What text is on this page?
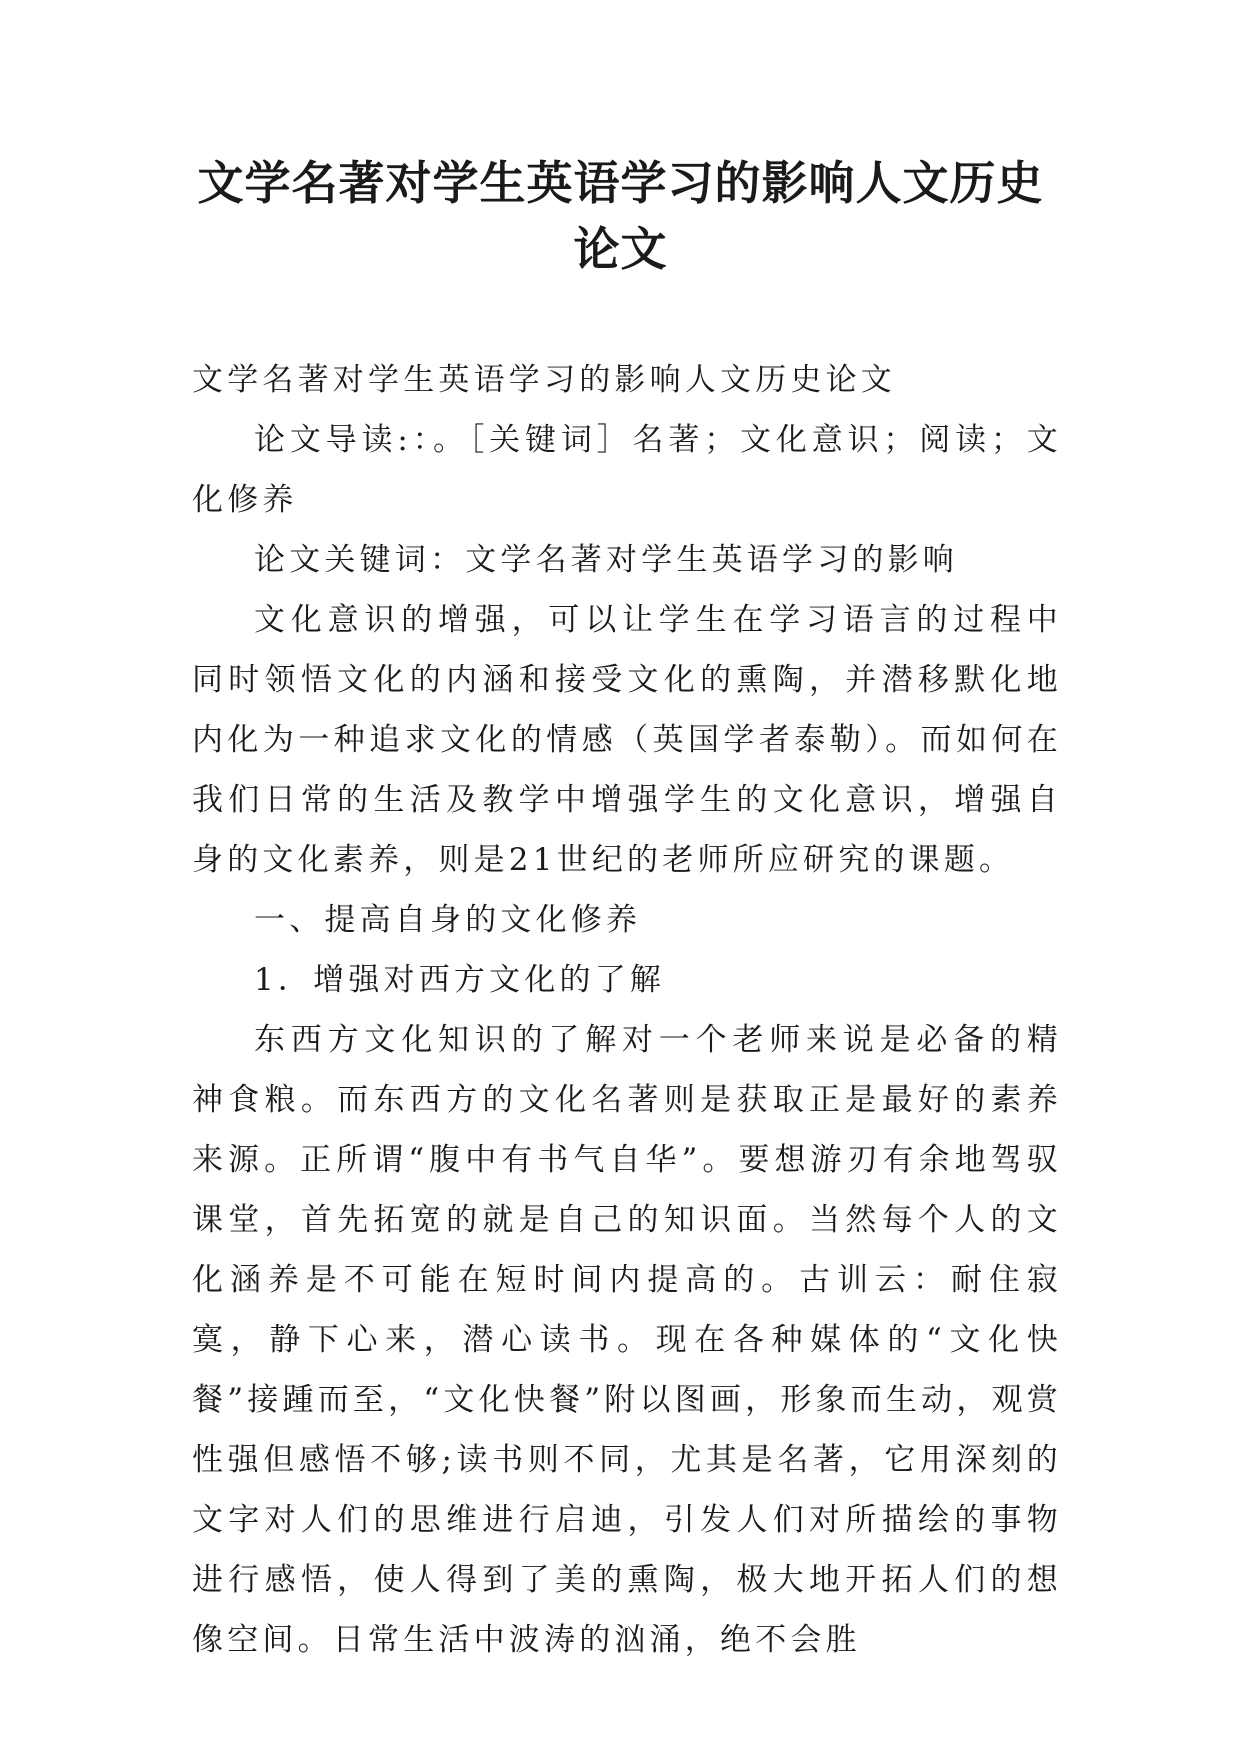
文学名著对学生英语学习的影响人文历史
论文

文学名著对学生英语学习的影响人文历史论文

论文导读:：。［关键词］名著；文化意识；阅读；文化修养

论文关键词：文学名著对学生英语学习的影响

文化意识的增强，可以让学生在学习语言的过程中同时领悟文化的内涵和接受文化的熏陶，并潜移默化地内化为一种追求文化的情感（英国学者泰勒）。而如何在我们日常的生活及教学中增强学生的文化意识，增强自身的文化素养，则是21世纪的老师所应研究的课题。

一、提高自身的文化修养

1．增强对西方文化的了解

东西方文化知识的了解对一个老师来说是必备的精神食粮。而东西方的文化名著则是获取正是最好的素养来源。正所谓“腹中有书气自华”。要想游刃有余地驾驭课堂，首先拓宽的就是自己的知识面。当然每个人的文化涵养是不可能在短时间内提高的。古训云：耐住寂寞，静下心来，潜心读书。现在各种媒体的“文化快餐”接踵而至，“文化快餐”附以图画，形象而生动，观赏性强但感悟不够;读书则不同，尤其是名著，它用深刻的文字对人们的思维进行启迪，引发人们对所描绘的事物进行感悟，使人得到了美的熏陶，极大地开拓人们的想像空间。日常生活中波涛的汹涌，绝不会胜
